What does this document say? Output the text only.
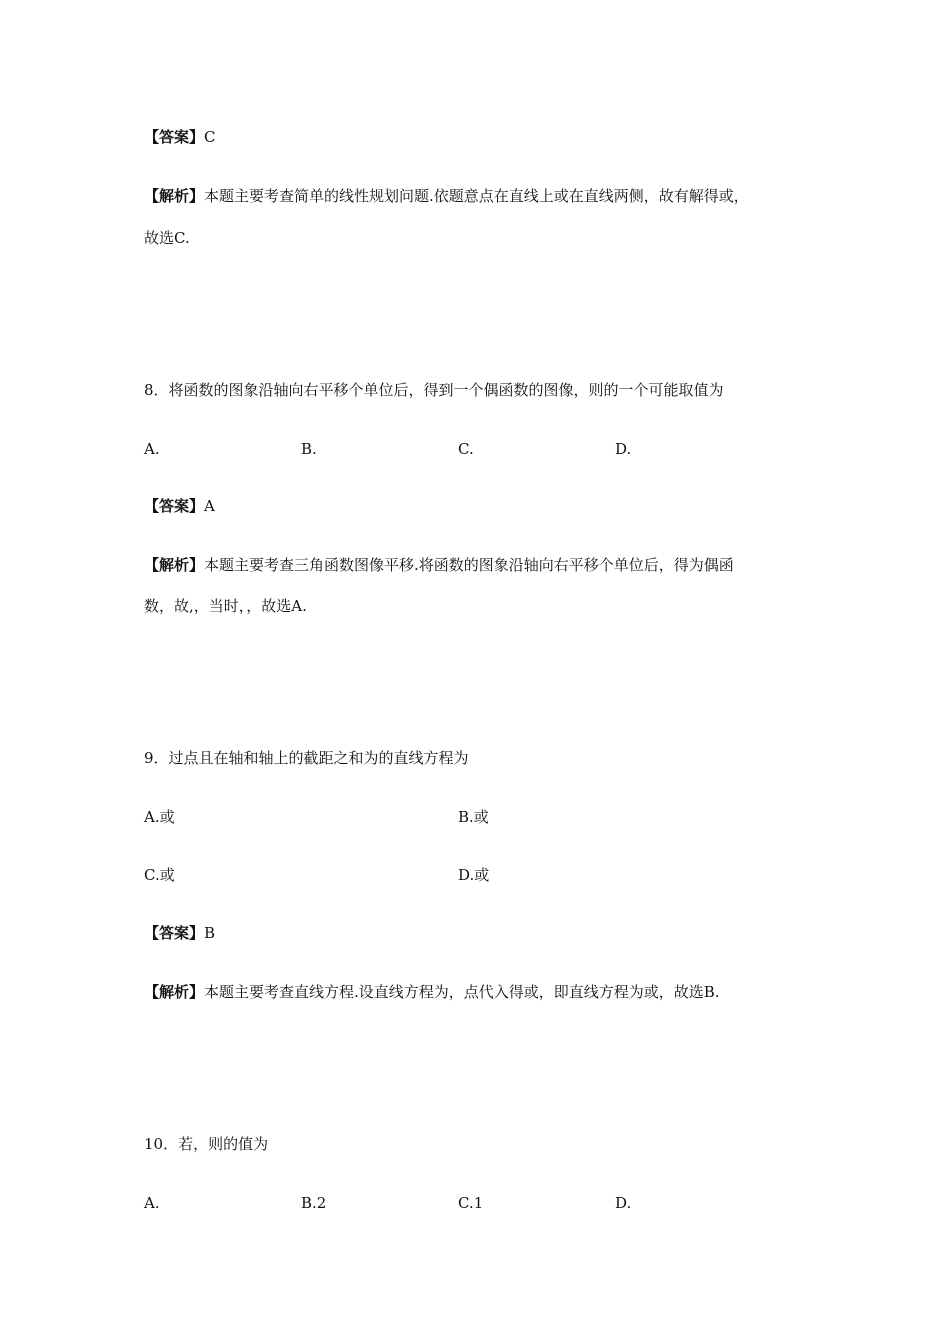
【答案】C
【解析】本题主要考查简单的线性规划问题.依题意点在直线上或在直线两侧，故有解得或，
故选C.
8．将函数的图象沿轴向右平移个单位后，得到一个偶函数的图像，则的一个可能取值为
A.	B.	C.	D.
【答案】A
【解析】本题主要考查三角函数图像平移.将函数的图象沿轴向右平移个单位后，得为偶函
数，故,，当时，，故选A.
9．过点且在轴和轴上的截距之和为的直线方程为
A.或	B.或
C.或	D.或
【答案】B
【解析】本题主要考查直线方程.设直线方程为，点代入得或，即直线方程为或，故选B.
10．若，则的值为
A.	B.2	C.1	D.
